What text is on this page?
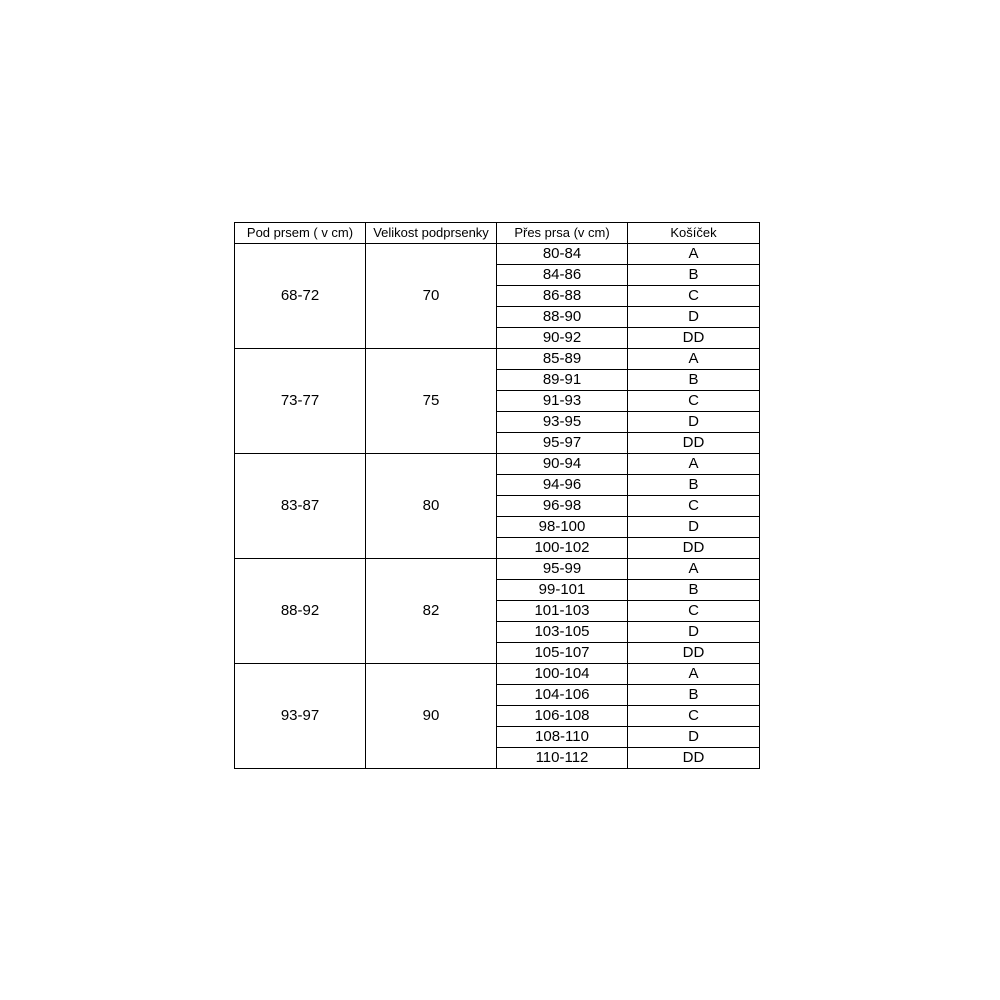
Pod prsem ( v cm)	Velikost podprsenky	Přes prsa (v cm)	Košíček
68-72	70	80-84	A
		84-86	B
		86-88	C
		88-90	D
		90-92	DD
73-77	75	85-89	A
		89-91	B
		91-93	C
		93-95	D
		95-97	DD
83-87	80	90-94	A
		94-96	B
		96-98	C
		98-100	D
		100-102	DD
88-92	82	95-99	A
		99-101	B
		101-103	C
		103-105	D
		105-107	DD
93-97	90	100-104	A
		104-106	B
		106-108	C
		108-110	D
		110-112	DD
